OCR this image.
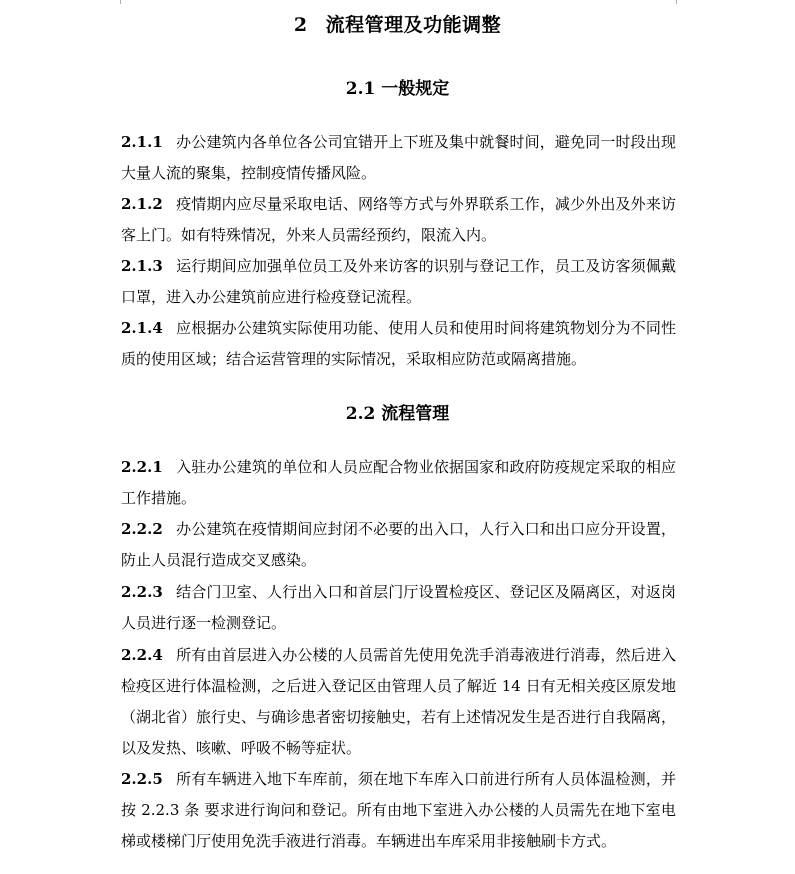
2 流程管理及功能调整
2.1 一般规定
2.1.1 办公建筑内各单位各公司宜错开上下班及集中就餐时间，避免同一时段出现大量人流的聚集，控制疫情传播风险。
2.1.2 疫情期内应尽量采取电话、网络等方式与外界联系工作，减少外出及外来访客上门。如有特殊情况，外来人员需经预约，限流入内。
2.1.3 运行期间应加强单位员工及外来访客的识别与登记工作，员工及访客须佩戴口罩，进入办公建筑前应进行检疫登记流程。
2.1.4 应根据办公建筑实际使用功能、使用人员和使用时间将建筑物划分为不同性质的使用区域；结合运营管理的实际情况，采取相应防范或隔离措施。
2.2 流程管理
2.2.1 入驻办公建筑的单位和人员应配合物业依据国家和政府防疫规定采取的相应工作措施。
2.2.2 办公建筑在疫情期间应封闭不必要的出入口，人行入口和出口应分开设置，防止人员混行造成交叉感染。
2.2.3 结合门卫室、人行出入口和首层门厅设置检疫区、登记区及隔离区，对返岗人员进行逐一检测登记。
2.2.4 所有由首层进入办公楼的人员需首先使用免洗手消毒液进行消毒，然后进入检疫区进行体温检测，之后进入登记区由管理人员了解近 14 日有无相关疫区原发地（湖北省）旅行史、与确诊患者密切接触史，若有上述情况发生是否进行自我隔离，以及发热、咳嗽、呼吸不畅等症状。
2.2.5 所有车辆进入地下车库前，须在地下车库入口前进行所有人员体温检测，并按 2.2.3 条 要求进行询问和登记。所有由地下室进入办公楼的人员需先在地下室电梯或楼梯门厅使用免洗手液进行消毒。车辆进出车库采用非接触刷卡方式。
